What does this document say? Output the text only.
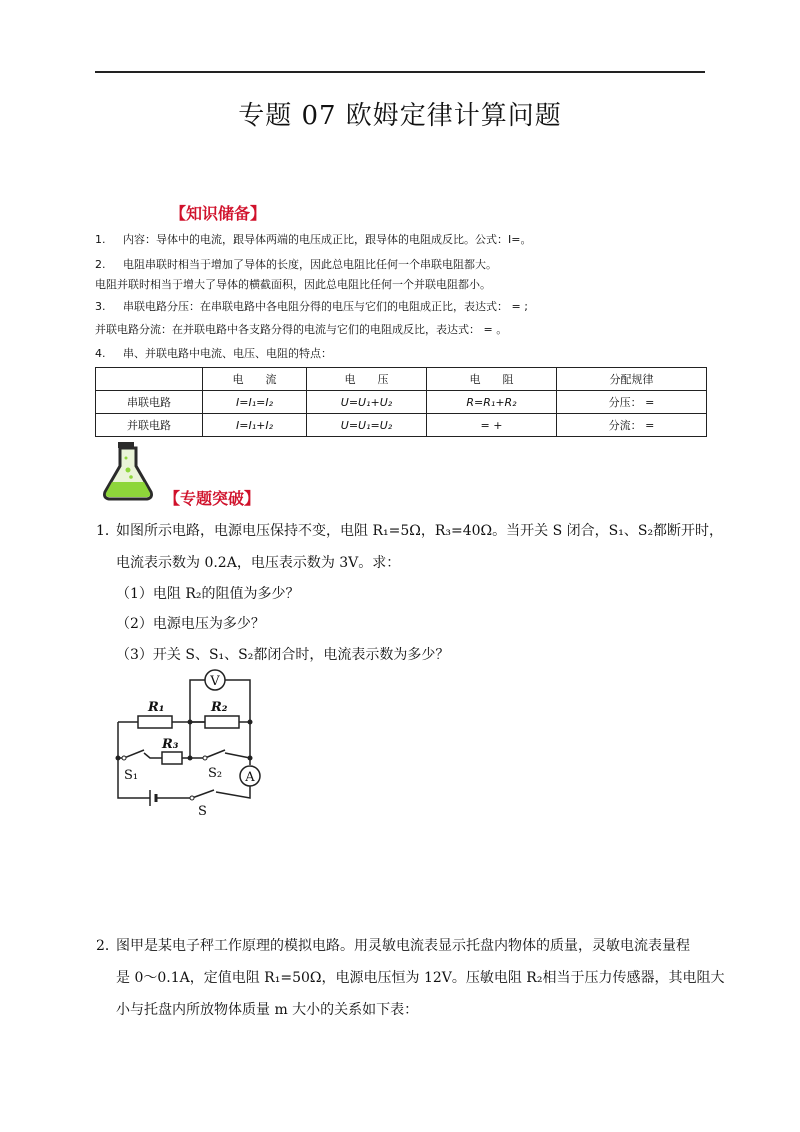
专题 07 欧姆定律计算问题
【知识储备】
1. 内容：导体中的电流，跟导体两端的电压成正比，跟导体的电阻成反比。公式：I=。
2. 电阻串联时相当于增加了导体的长度，因此总电阻比任何一个串联电阻都大。
电阻并联时相当于增大了导体的横截面积，因此总电阻比任何一个并联电阻都小。
3. 串联电路分压：在串联电路中各电阻分得的电压与它们的电阻成正比，表达式： = ;
并联电路分流：在并联电路中各支路分得的电流与它们的电阻成反比，表达式： = 。
4. 串、并联电路中电流、电压、电阻的特点：
	电　　流	电　　压	电　　阻	分配规律
串联电路	I=I₁=I₂	U=U₁+U₂	R=R₁+R₂	分压： =
并联电路	I=I₁+I₂	U=U₁=U₂	= +	分流： =
【专题突破】
1．如图所示电路，电源电压保持不变，电阻 R₁=5Ω，R₃=40Ω。当开关 S 闭合，S₁、S₂都断开时，
电流表示数为 0.2A，电压表示数为 3V。求：
（1）电阻 R₂的阻值为多少？
（2）电源电压为多少？
（3）开关 S、S₁、S₂都闭合时，电流表示数为多少？
V
A
R₁	R₂
R₃
S₁	S₂
S
2．图甲是某电子秤工作原理的模拟电路。用灵敏电流表显示托盘内物体的质量，灵敏电流表量程
是 0～0.1A，定值电阻 R₁=50Ω，电源电压恒为 12V。压敏电阻 R₂相当于压力传感器，其电阻大
小与托盘内所放物体质量 m 大小的关系如下表：
